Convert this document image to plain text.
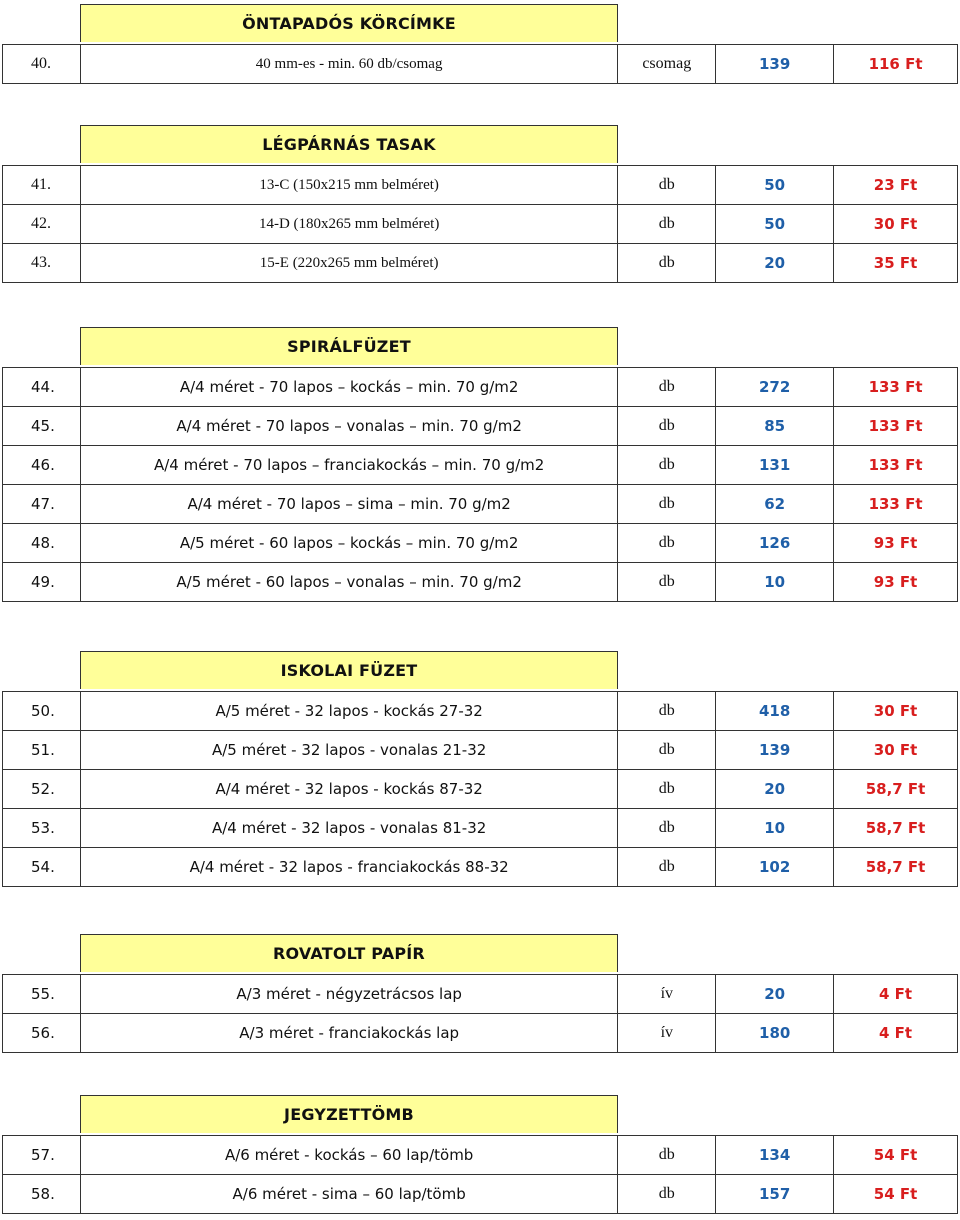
ÖNTAPADÓS KÖRCÍMKE
40.	40 mm-es - min. 60 db/csomag	csomag	139	116 Ft
LÉGPÁRNÁS TASAK
41.	13-C (150x215 mm belméret)	db	50	23 Ft
42.	14-D (180x265 mm belméret)	db	50	30 Ft
43.	15-E (220x265 mm belméret)	db	20	35 Ft
SPIRÁLFÜZET
44.	A/4 méret - 70 lapos – kockás – min. 70 g/m2	db	272	133 Ft
45.	A/4 méret - 70 lapos – vonalas – min. 70 g/m2	db	85	133 Ft
46.	A/4 méret - 70 lapos – franciakockás – min. 70 g/m2	db	131	133 Ft
47.	A/4 méret - 70 lapos – sima – min. 70 g/m2	db	62	133 Ft
48.	A/5 méret - 60 lapos – kockás – min. 70 g/m2	db	126	93 Ft
49.	A/5 méret - 60 lapos – vonalas – min. 70 g/m2	db	10	93 Ft
ISKOLAI FÜZET
50.	A/5 méret - 32 lapos - kockás 27-32	db	418	30 Ft
51.	A/5 méret - 32 lapos - vonalas 21-32	db	139	30 Ft
52.	A/4 méret - 32 lapos - kockás 87-32	db	20	58,7 Ft
53.	A/4 méret - 32 lapos - vonalas 81-32	db	10	58,7 Ft
54.	A/4 méret - 32 lapos - franciakockás 88-32	db	102	58,7 Ft
ROVATOLT PAPÍR
55.	A/3 méret - négyzetrácsos lap	ív	20	4 Ft
56.	A/3 méret - franciakockás lap	ív	180	4 Ft
JEGYZETTÖMB
57.	A/6 méret - kockás – 60 lap/tömb	db	134	54 Ft
58.	A/6 méret - sima – 60 lap/tömb	db	157	54 Ft
